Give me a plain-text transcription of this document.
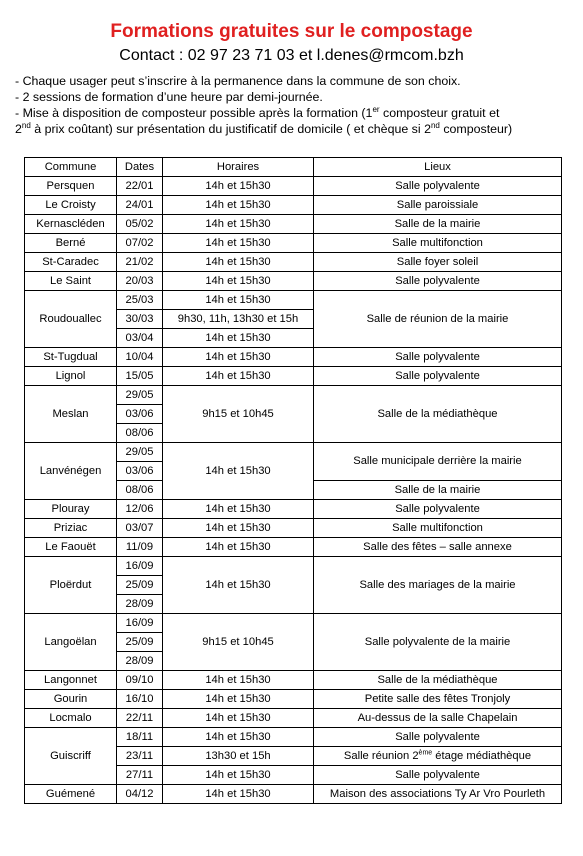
Formations gratuites sur le compostage
Contact : 02 97 23 71 03 et l.denes@rmcom.bzh

- Chaque usager peut s’inscrire à la permanence dans la commune de son choix.

- 2 sessions de formation d’une heure par demi-journée.

- Mise à disposition de composteur possible après la formation (1er composteur gratuit et

2nd à prix coûtant) sur présentation du justificatif de domicile ( et chèque si 2nd composteur)

Commune	Dates	Horaires	Lieux
Persquen	22/01	14h et 15h30	Salle polyvalente
Le Croisty	24/01	14h et 15h30	Salle paroissiale
Kernascléden	05/02	14h et 15h30	Salle de la mairie
Berné	07/02	14h et 15h30	Salle multifonction
St-Caradec	21/02	14h et 15h30	Salle foyer soleil
Le Saint	20/03	14h et 15h30	Salle polyvalente
Roudouallec	25/03	14h et 15h30	Salle de réunion de la mairie
	30/03	9h30, 11h, 13h30 et 15h	
	03/04	14h et 15h30	
St-Tugdual	10/04	14h et 15h30	Salle polyvalente
Lignol	15/05	14h et 15h30	Salle polyvalente
Meslan	29/05	9h15 et 10h45	Salle de la médiathèque
	03/06		
	08/06		
Lanvénégen	29/05	14h et 15h30	Salle municipale derrière la mairie
	03/06		
	08/06		Salle de la mairie
Plouray	12/06	14h et 15h30	Salle polyvalente
Priziac	03/07	14h et 15h30	Salle multifonction
Le Faouët	11/09	14h et 15h30	Salle des fêtes – salle annexe
Ploërdut	16/09	14h et 15h30	Salle des mariages de la mairie
	25/09		
	28/09		
Langoëlan	16/09	9h15 et 10h45	Salle polyvalente de la mairie
	25/09		
	28/09		
Langonnet	09/10	14h et 15h30	Salle de la médiathèque
Gourin	16/10	14h et 15h30	Petite salle des fêtes Tronjoly
Locmalo	22/11	14h et 15h30	Au-dessus de la salle Chapelain
Guiscriff	18/11	14h et 15h30	Salle polyvalente
	23/11	13h30 et 15h	Salle réunion 2ème étage médiathèque
	27/11	14h et 15h30	Salle polyvalente
Guémené	04/12	14h et 15h30	Maison des associations Ty Ar Vro Pourleth
